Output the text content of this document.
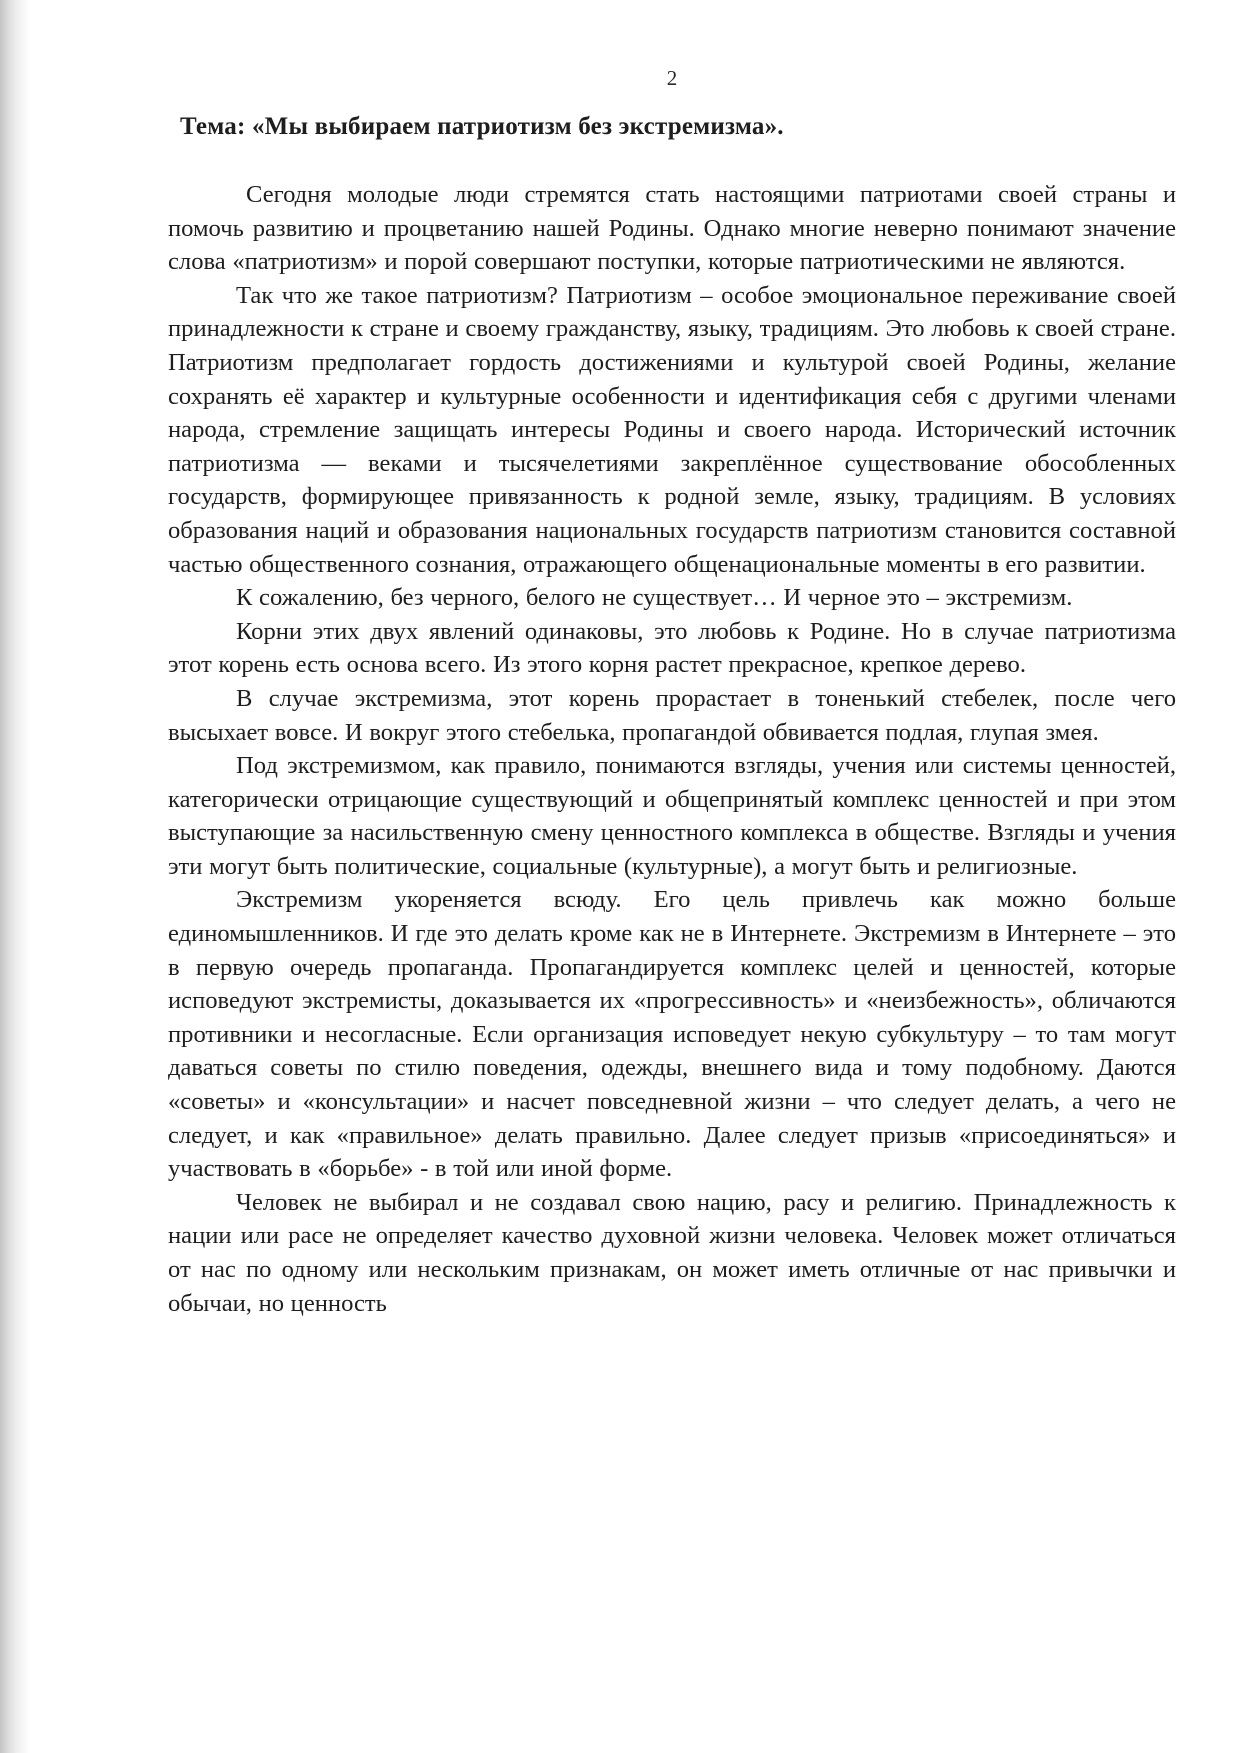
2
Тема: «Мы выбираем патриотизм без экстремизма».

Сегодня молодые люди стремятся стать настоящими патриотами своей страны и помочь развитию и процветанию нашей Родины. Однако многие неверно понимают значение слова «патриотизм» и порой совершают поступки, которые патриотическими не являются.

Так что же такое патриотизм? Патриотизм – особое эмоциональное переживание своей принадлежности к стране и своему гражданству, языку, традициям. Это любовь к своей стране. Патриотизм предполагает гордость достижениями и культурой своей Родины, желание сохранять её характер и культурные особенности и идентификация себя с другими членами народа, стремление защищать интересы Родины и своего народа. Исторический источник патриотизма — веками и тысячелетиями закреплённое существование обособленных государств, формирующее привязанность к родной земле, языку, традициям. В условиях образования наций и образования национальных государств патриотизм становится составной частью общественного сознания, отражающего общенациональные моменты в его развитии.

К сожалению, без черного, белого не существует… И черное это – экстремизм.

Корни этих двух явлений одинаковы, это любовь к Родине. Но в случае патриотизма этот корень есть основа всего. Из этого корня растет прекрасное, крепкое дерево.

В случае экстремизма, этот корень прорастает в тоненький стебелек, после чего высыхает вовсе. И вокруг этого стебелька, пропагандой обвивается подлая, глупая змея.

Под экстремизмом, как правило, понимаются взгляды, учения или системы ценностей, категорически отрицающие существующий и общепринятый комплекс ценностей и при этом выступающие за насильственную смену ценностного комплекса в обществе. Взгляды и учения эти могут быть политические, социальные (культурные), а могут быть и религиозные.

Экстремизм укореняется всюду. Его цель привлечь как можно больше единомышленников. И где это делать кроме как не в Интернете. Экстремизм в Интернете – это в первую очередь пропаганда. Пропагандируется комплекс целей и ценностей, которые исповедуют экстремисты, доказывается их «прогрессивность» и «неизбежность», обличаются противники и несогласные. Если организация исповедует некую субкультуру – то там могут даваться советы по стилю поведения, одежды, внешнего вида и тому подобному. Даются «советы» и «консультации» и насчет повседневной жизни – что следует делать, а чего не следует, и как «правильное» делать правильно. Далее следует призыв «присоединяться» и участвовать в «борьбе» - в той или иной форме.

Человек не выбирал и не создавал свою нацию, расу и религию. Принадлежность к нации или расе не определяет качество духовной жизни человека. Человек может отличаться от нас по одному или нескольким признакам, он может иметь отличные от нас привычки и обычаи, но ценность
